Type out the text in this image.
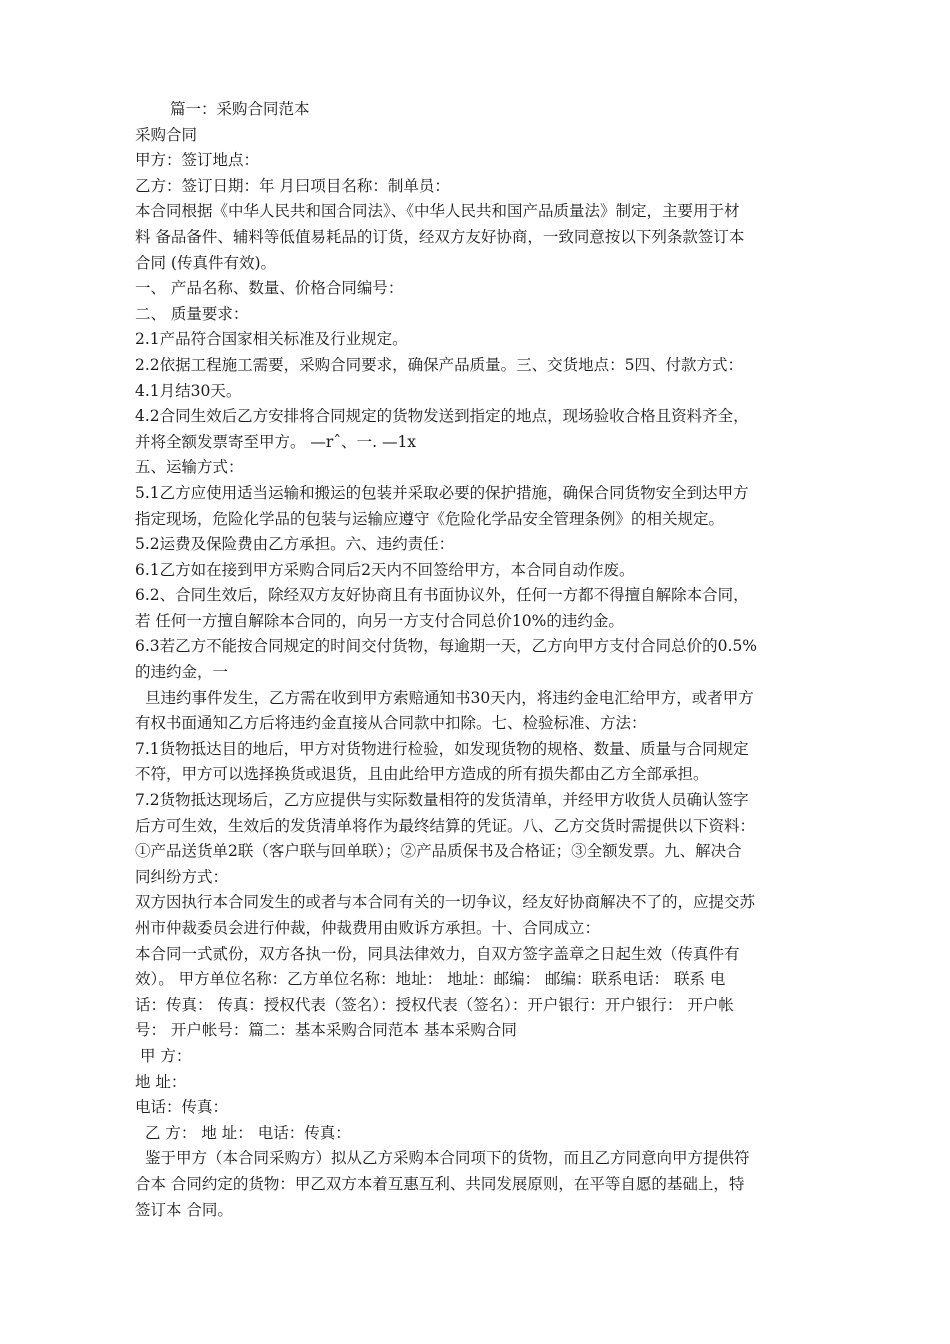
篇一：采购合同范本
采购合同
甲方：签订地点：
乙方：签订日期：年 月曰项目名称：制单员：
本合同根据《中华人民共和国合同法》、《中华人民共和国产品质量法》制定，主要用于材
料 备品备件、辅料等低值易耗品的订货，经双方友好协商，一致同意按以下列条款签订本
合同 (传真件有效)。
一、 产品名称、数量、价格合同编号：
二、 质量要求：
2.1产品符合国家相关标准及行业规定。
2.2依据工程施工需要，采购合同要求，确保产品质量。三、交货地点：5四、付款方式：
4.1月结30天。
4.2合同生效后乙方安排将合同规定的货物发送到指定的地点，现场验收合格且资料齐全，
并将全额发票寄至甲方。 —rˆ、一. —1x
五、运输方式：
5.1乙方应使用适当运输和搬运的包装并采取必要的保护措施，确保合同货物安全到达甲方
指定现场，危险化学品的包装与运输应遵守《危险化学品安全管理条例》的相关规定。
5.2运费及保险费由乙方承担。六、违约责任：
6.1乙方如在接到甲方采购合同后2天内不回签给甲方，本合同自动作废。
6.2、合同生效后，除经双方友好协商且有书面协议外，任何一方都不得擅自解除本合同，
若 任何一方擅自解除本合同的，向另一方支付合同总价10%的违约金。
6.3若乙方不能按合同规定的时间交付货物，每逾期一天，乙方向甲方支付合同总价的0.5%
的违约金，一
旦违约事件发生，乙方需在收到甲方索赔通知书30天内，将违约金电汇给甲方，或者甲方
有权书面通知乙方后将违约金直接从合同款中扣除。七、检验标准、方法：
7.1货物抵达目的地后，甲方对货物进行检验，如发现货物的规格、数量、质量与合同规定
不符，甲方可以选择换货或退货，且由此给甲方造成的所有损失都由乙方全部承担。
7.2货物抵达现场后，乙方应提供与实际数量相符的发货清单，并经甲方收货人员确认签字
后方可生效，生效后的发货清单将作为最终结算的凭证。八、乙方交货时需提供以下资料：
①产品送货单2联（客户联与回单联）；②产品质保书及合格证；③全额发票。九、解决合
同纠纷方式：
双方因执行本合同发生的或者与本合同有关的一切争议，经友好协商解决不了的，应提交苏
州市仲裁委员会进行仲裁，仲裁费用由败诉方承担。十、合同成立：
本合同一式贰份，双方各执一份，同具法律效力，自双方签字盖章之日起生效（传真件有
效）。 甲方单位名称：乙方单位名称：地址： 地址：邮编： 邮编：联系电话： 联系 电
话：传真： 传真：授权代表（签名）：授权代表（签名）：开户银行：开户银行： 开户帐
号： 开户帐号：篇二：基本采购合同范本 基本采购合同
甲 方：
地 址：
电话：传真：
乙 方： 地 址： 电话：传真：
鉴于甲方（本合同采购方）拟从乙方采购本合同项下的货物，而且乙方同意向甲方提供符
合本 合同约定的货物：甲乙双方本着互惠互利、共同发展原则，在平等自愿的基础上，特
签订本 合同。
